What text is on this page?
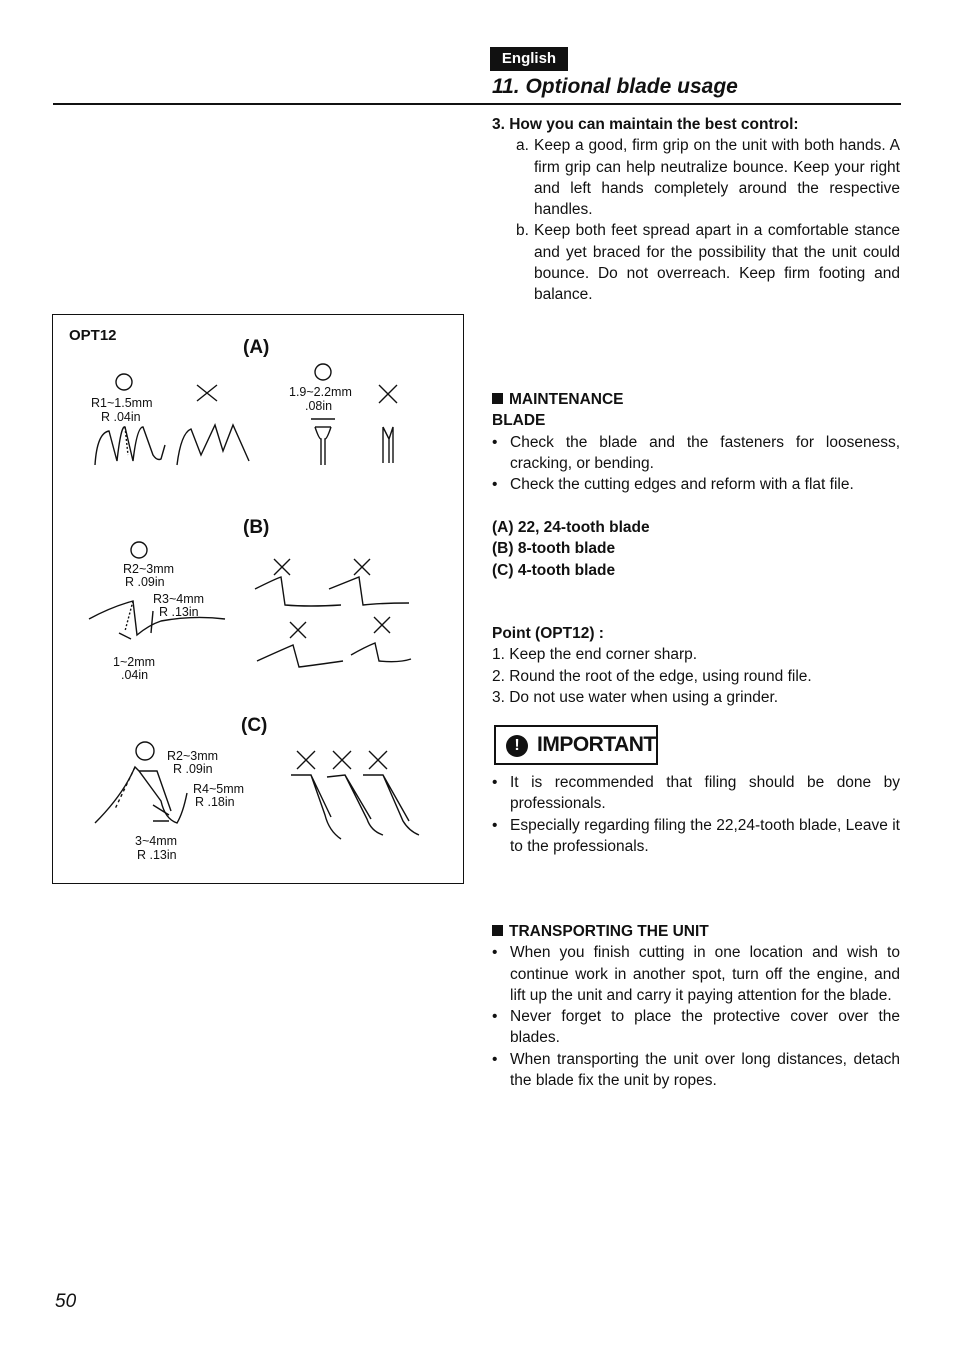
English
11. Optional blade usage
3. How you can maintain the best control:
a. Keep a good, firm grip on the unit with both hands. A firm grip can help neutralize bounce. Keep your right and left hands completely around the respective handles.
b. Keep both feet spread apart in a comfortable stance and yet braced for the possibility that the unit could bounce. Do not overreach. Keep firm footing and balance.
MAINTENANCE
BLADE
• Check the blade and the fasteners for looseness, cracking, or bending.
• Check the cutting edges and reform with a flat file.
(A) 22, 24-tooth blade
(B) 8-tooth blade
(C) 4-tooth blade
Point (OPT12) :
1. Keep the end corner sharp.
2. Round the root of the edge, using round file.
3. Do not use water when using a grinder.
! IMPORTANT
• It is recommended that filing should be done by professionals.
• Especially regarding filing the 22,24-tooth blade, Leave it to the professionals.
TRANSPORTING THE UNIT
• When you finish cutting in one location and wish to continue work in another spot, turn off the engine, and lift up the unit and carry it paying attention for the blade.
• Never forget to place the protective cover over the blades.
• When transporting the unit over long distances, detach the blade fix the unit by ropes.
OPT12
(A)
R1~1.5mm
R .04in
1.9~2.2mm
.08in
(B)
R2~3mm
R .09in
R3~4mm
R .13in
1~2mm
.04in
(C)
R2~3mm
R .09in
R4~5mm
R .18in
3~4mm
R .13in
50
